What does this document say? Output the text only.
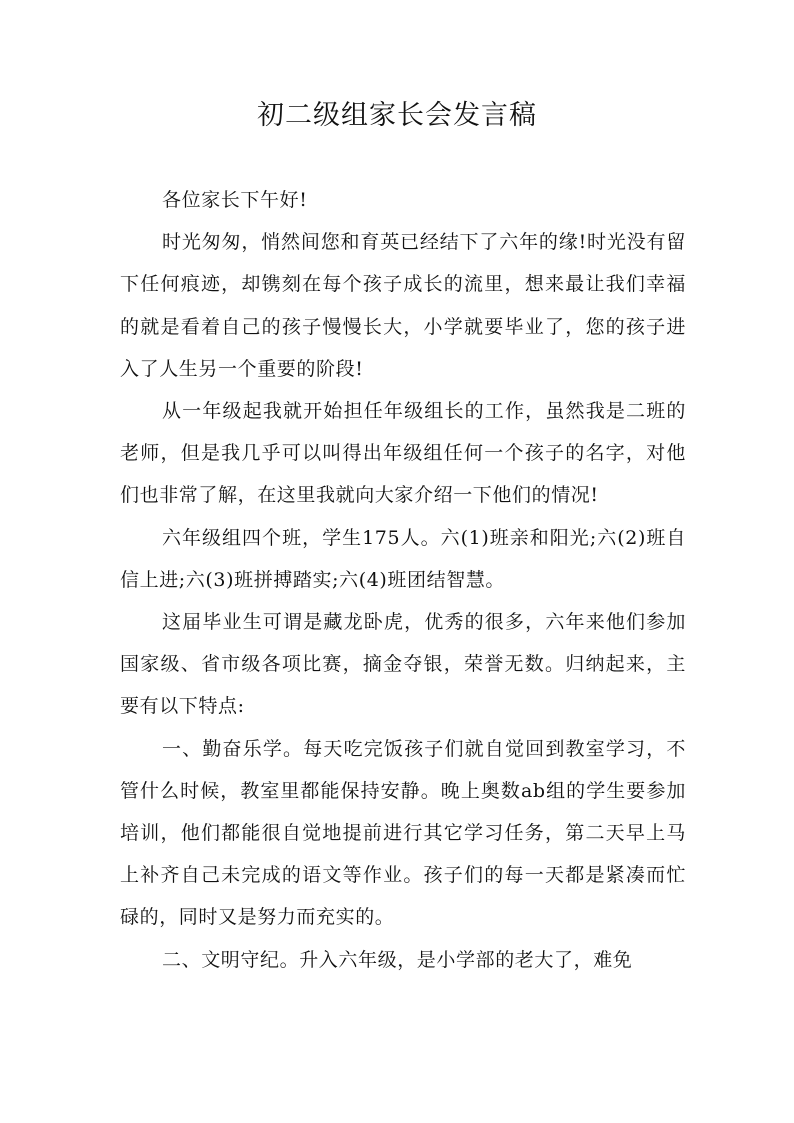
初二级组家长会发言稿

各位家长下午好!

时光匆匆，悄然间您和育英已经结下了六年的缘!时光没有留下任何痕迹，却镌刻在每个孩子成长的流里，想来最让我们幸福的就是看着自己的孩子慢慢长大，小学就要毕业了，您的孩子进入了人生另一个重要的阶段!

从一年级起我就开始担任年级组长的工作，虽然我是二班的老师，但是我几乎可以叫得出年级组任何一个孩子的名字，对他们也非常了解，在这里我就向大家介绍一下他们的情况!

六年级组四个班，学生175人。六(1)班亲和阳光;六(2)班自信上进;六(3)班拼搏踏实;六(4)班团结智慧。

这届毕业生可谓是藏龙卧虎，优秀的很多，六年来他们参加国家级、省市级各项比赛，摘金夺银，荣誉无数。归纳起来，主要有以下特点:

一、勤奋乐学。每天吃完饭孩子们就自觉回到教室学习，不管什么时候，教室里都能保持安静。晚上奥数ab组的学生要参加培训，他们都能很自觉地提前进行其它学习任务，第二天早上马上补齐自己未完成的语文等作业。孩子们的每一天都是紧凑而忙碌的，同时又是努力而充实的。

二、文明守纪。升入六年级，是小学部的老大了，难免
